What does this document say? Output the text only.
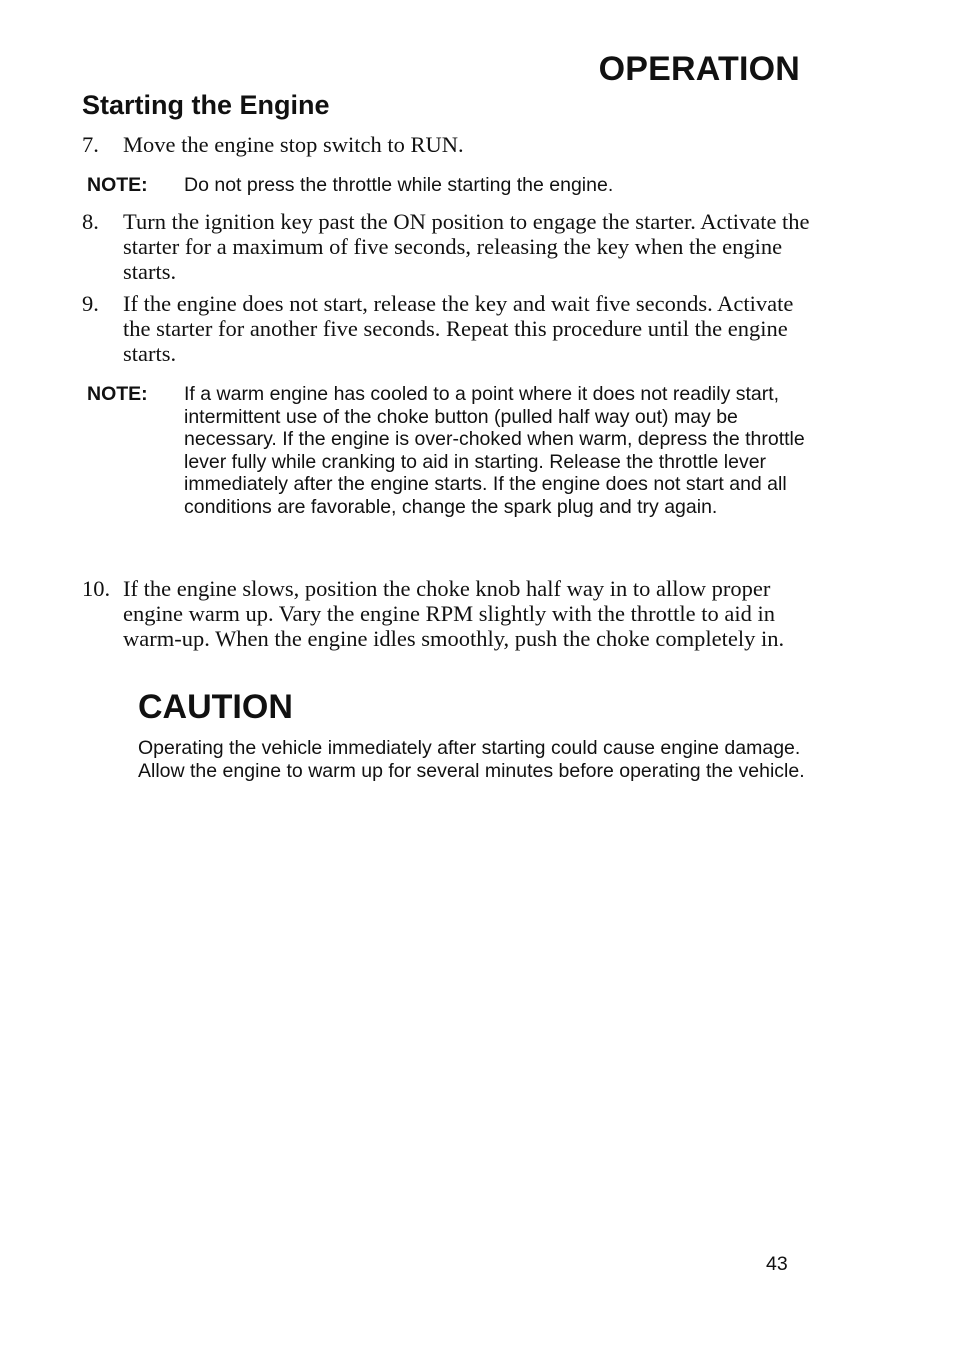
OPERATION
Starting the Engine
7.	Move the engine stop switch to RUN.
NOTE:	Do not press the throttle while starting the engine.
8.	Turn the ignition key past the ON position to engage the starter. Activate the starter for a maximum of five seconds, releasing the key when the engine starts.
9.	If the engine does not start, release the key and wait five seconds. Activate the starter for another five seconds. Repeat this procedure until the engine starts.
NOTE:	If a warm engine has cooled to a point where it does not readily start, intermittent use of the choke button (pulled half way out) may be necessary. If the engine is over-choked when warm, depress the throttle lever fully while cranking to aid in starting. Release the throttle lever immediately after the engine starts. If the engine does not start and all conditions are favorable, change the spark plug and try again.
10. If the engine slows, position the choke knob half way in to allow proper engine warm up. Vary the engine RPM slightly with the throttle to aid in warm-up. When the engine idles smoothly, push the choke completely in.
CAUTION
Operating the vehicle immediately after starting could cause engine damage. Allow the engine to warm up for several minutes before operating the vehicle.
43
